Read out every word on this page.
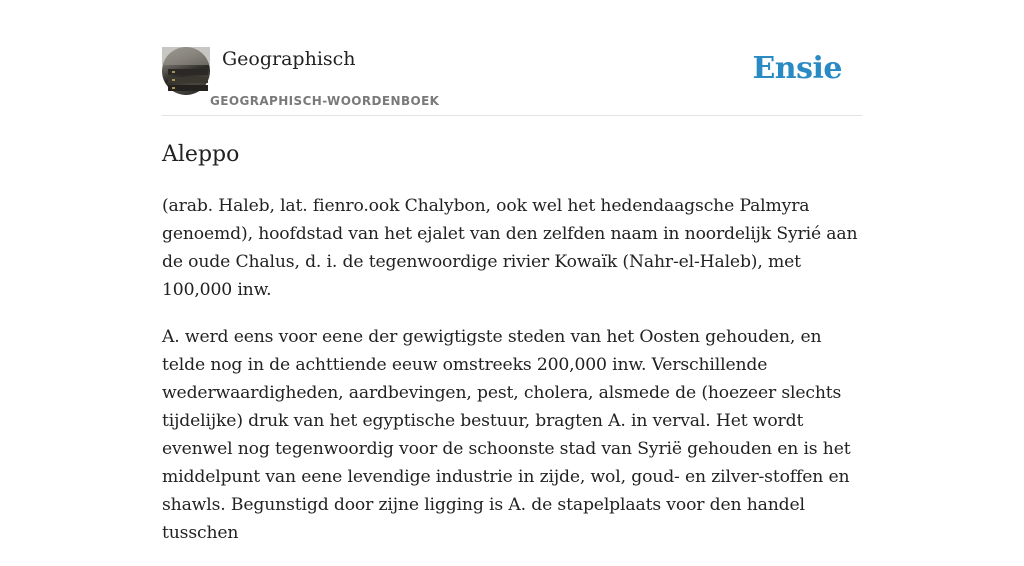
Geographisch
GEOGRAPHISCH-WOORDENBOEK
Ensie
Aleppo

(arab. Haleb, lat. fienro.ook Chalybon, ook wel het hedendaagsche Palmyra genoemd), hoofdstad van het ejalet van den zelfden naam in noordelijk Syrié aan de oude Chalus, d. i. de tegenwoordige rivier Kowaïk (Nahr-el-Haleb), met 100,000 inw.

A. werd eens voor eene der gewigtigste steden van het Oosten gehouden, en telde nog in de achttiende eeuw omstreeks 200,000 inw. Verschillende wederwaardigheden, aardbevingen, pest, cholera, alsmede de (hoezeer slechts tijdelijke) druk van het egyptische bestuur, bragten A. in verval. Het wordt evenwel nog tegenwoordig voor de schoonste stad van Syrië gehouden en is het middelpunt van eene levendige industrie in zijde, wol, goud- en zilver-stoffen en shawls. Begunstigd door zijne ligging is A. de stapelplaats voor den handel tusschen
